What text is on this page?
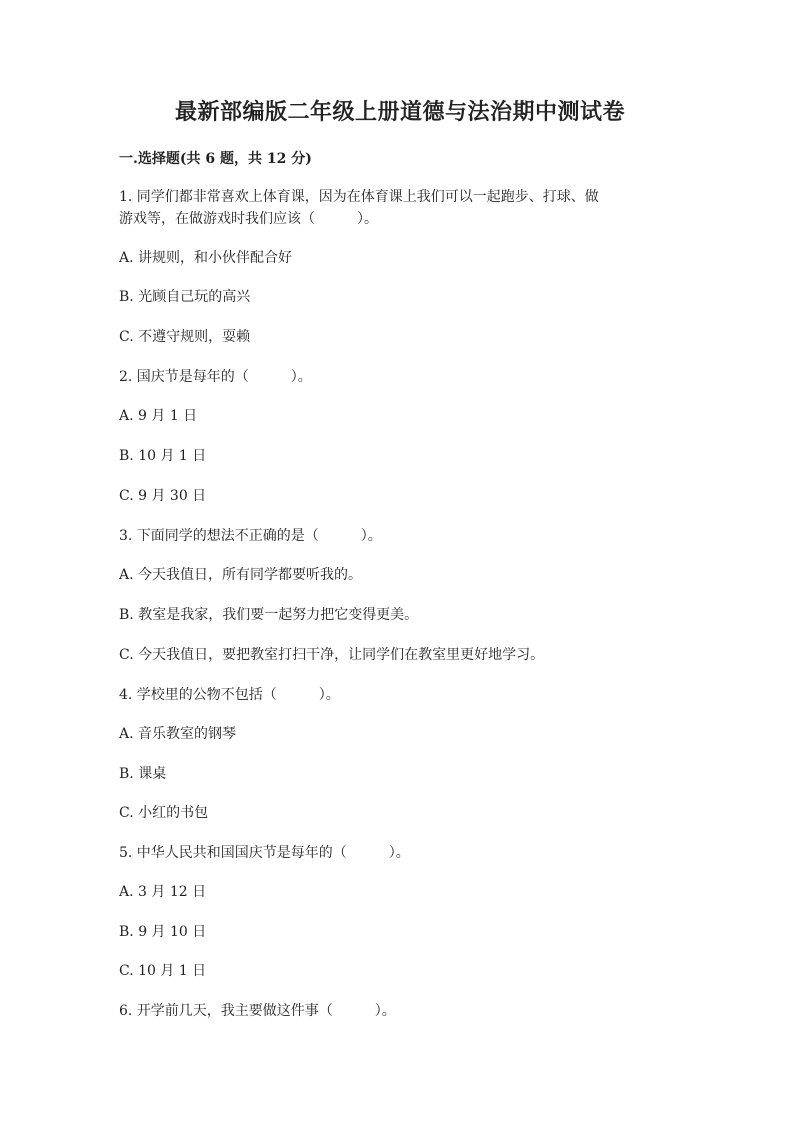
最新部编版二年级上册道德与法治期中测试卷
一.选择题(共 6 题，共 12 分)
1. 同学们都非常喜欢上体育课，因为在体育课上我们可以一起跑步、打球、做
游戏等，在做游戏时我们应该（　　　）。
A. 讲规则，和小伙伴配合好
B. 光顾自己玩的高兴
C. 不遵守规则，耍赖
2. 国庆节是每年的（　　　）。
A. 9 月 1 日
B. 10 月 1 日
C. 9 月 30 日
3. 下面同学的想法不正确的是（　　　）。
A. 今天我值日，所有同学都要听我的。
B. 教室是我家，我们要一起努力把它变得更美。
C. 今天我值日，要把教室打扫干净，让同学们在教室里更好地学习。
4. 学校里的公物不包括（　　　）。
A. 音乐教室的钢琴
B. 课桌
C. 小红的书包
5. 中华人民共和国国庆节是每年的（　　　）。
A. 3 月 12 日
B. 9 月 10 日
C. 10 月 1 日
6. 开学前几天，我主要做这件事（　　　）。
